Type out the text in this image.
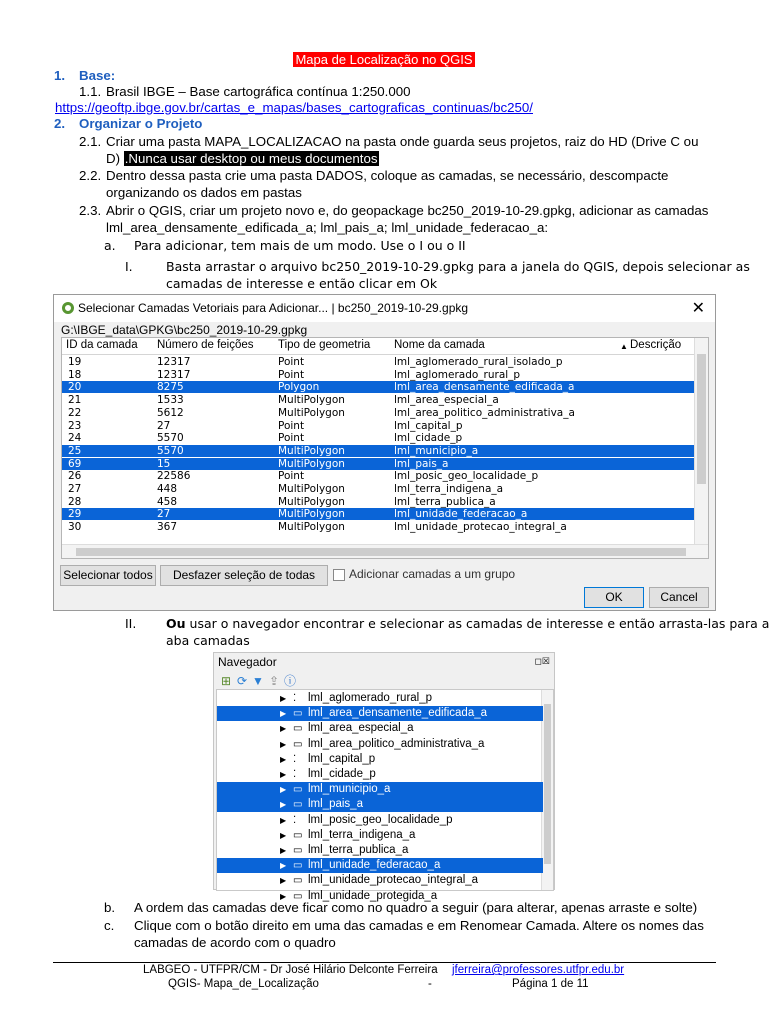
Mapa de Localização no QGIS
1. Base:
1.1. Brasil IBGE – Base cartográfica contínua 1:250.000
https://geoftp.ibge.gov.br/cartas_e_mapas/bases_cartograficas_continuas/bc250/
2. Organizar o Projeto
2.1. Criar uma pasta MAPA_LOCALIZACAO na pasta onde guarda seus projetos, raiz do HD (Drive C ou
D) .Nunca usar desktop ou meus documentos
2.2. Dentro dessa pasta crie uma pasta DADOS, coloque as camadas, se necessário, descompacte
organizando os dados em pastas
2.3. Abrir o QGIS, criar um projeto novo e, do geopackage bc250_2019-10-29.gpkg, adicionar as camadas
lml_area_densamente_edificada_a; lml_pais_a; lml_unidade_federacao_a:
a. Para adicionar, tem mais de um modo. Use o I ou o II
I.	Basta arrastar o arquivo bc250_2019-10-29.gpkg para a janela do QGIS, depois selecionar as
camadas de interesse e então clicar em Ok
Selecionar Camadas Vetoriais para Adicionar... | bc250_2019-10-29.gpkg	✕
G:\IBGE_data\GPKG\bc250_2019-10-29.gpkg
ID da camada Número de feições Tipo de geometria Nome da camada	▲ Descrição
19	12317	Point	lml_aglomerado_rural_isolado_p
18	12317	Point	lml_aglomerado_rural_p
20	8275	Polygon	lml_area_densamente_edificada_a
21	1533	MultiPolygon	lml_area_especial_a
22	5612	MultiPolygon	lml_area_politico_administrativa_a
23	27	Point	lml_capital_p
24	5570	Point	lml_cidade_p
25	5570	MultiPolygon	lml_municipio_a
69	15	MultiPolygon	lml_pais_a
26	22586	Point	lml_posic_geo_localidade_p
27	448	MultiPolygon	lml_terra_indigena_a
28	458	MultiPolygon	lml_terra_publica_a
29	27	MultiPolygon	lml_unidade_federacao_a
30	367	MultiPolygon	lml_unidade_protecao_integral_a
Selecionar todos	Desfazer seleção de todas	Adicionar camadas a um grupo
OK	Cancel
II. Ou usar o navegador encontrar e selecionar as camadas de interesse e então arrasta-las para a
aba camadas
Navegador	◻☒
⊞ ⟳ ▼ ⇪ ⓘ
▶ ⁚ lml_aglomerado_rural_p
▶ ▭ lml_area_densamente_edificada_a
▶ ▭ lml_area_especial_a
▶ ▭ lml_area_politico_administrativa_a
▶ ⁚ lml_capital_p
▶ ⁚ lml_cidade_p
▶ ▭ lml_municipio_a
▶ ▭ lml_pais_a
▶ ⁚ lml_posic_geo_localidade_p
▶ ▭ lml_terra_indigena_a
▶ ▭ lml_terra_publica_a
▶ ▭ lml_unidade_federacao_a
▶ ▭ lml_unidade_protecao_integral_a
▶ ▭ lml_unidade_protegida_a
b. A ordem das camadas deve ficar como no quadro a seguir (para alterar, apenas arraste e solte)
c. Clique com o botão direito em uma das camadas e em Renomear Camada. Altere os nomes das
camadas de acordo com o quadro
LABGEO - UTFPR/CM - Dr José Hilário Delconte Ferreira jferreira@professores.utfpr.edu.br
QGIS- Mapa_de_Localização	-	Página 1 de 11
